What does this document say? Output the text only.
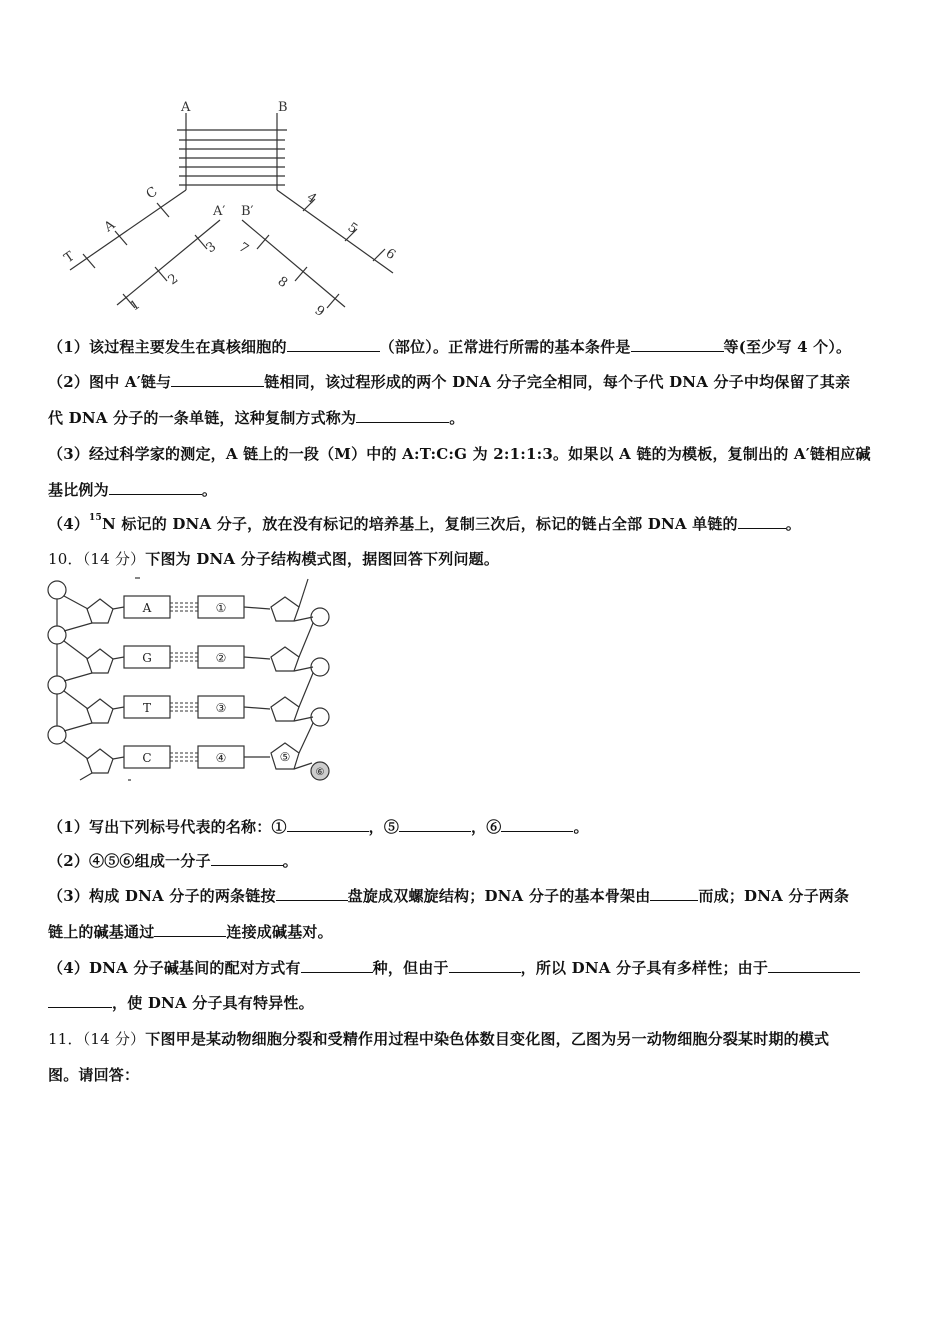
A	B
A′ B′
C
A
T
1
2
3
4
5
6
7
8
9
（1）该过程主要发生在真核细胞的	（部位）。正常进行所需的基本条件是	等(至少写 4 个）。
（2）图中 A′链与	链相同，该过程形成的两个 DNA 分子完全相同，每个子代 DNA 分子中均保留了其亲
代 DNA 分子的一条单链，这种复制方式称为	。
（3）经过科学家的测定，A 链上的一段（M）中的 A:T:C:G 为 2:1:1:3。如果以 A 链的为模板，复制出的 A′链相应碱
基比例为	。
$(4)^{15}N$ 标记的 DNA 分子，放在没有标记的培养基上，复制三次后，标记的链占全部 DNA 单链的	。
10．（14 分）下图为 DNA 分子结构模式图，据图回答下列问题。
A
G
T
C
①
②
③
④	⑤
⑥
（1）写出下列标号代表的名称：①	，⑤	，⑥	。
（2）④⑤⑥组成一分子	。
（3）构成 DNA 分子的两条链按	盘旋成双螺旋结构；DNA 分子的基本骨架由	而成；DNA 分子两条
链上的碱基通过	连接成碱基对。
（4）DNA 分子碱基间的配对方式有	种，但由于	，所以 DNA 分子具有多样性；由于
，使 DNA 分子具有特异性。
11．（14 分）下图甲是某动物细胞分裂和受精作用过程中染色体数目变化图，乙图为另一动物细胞分裂某时期的模式
图。请回答：
